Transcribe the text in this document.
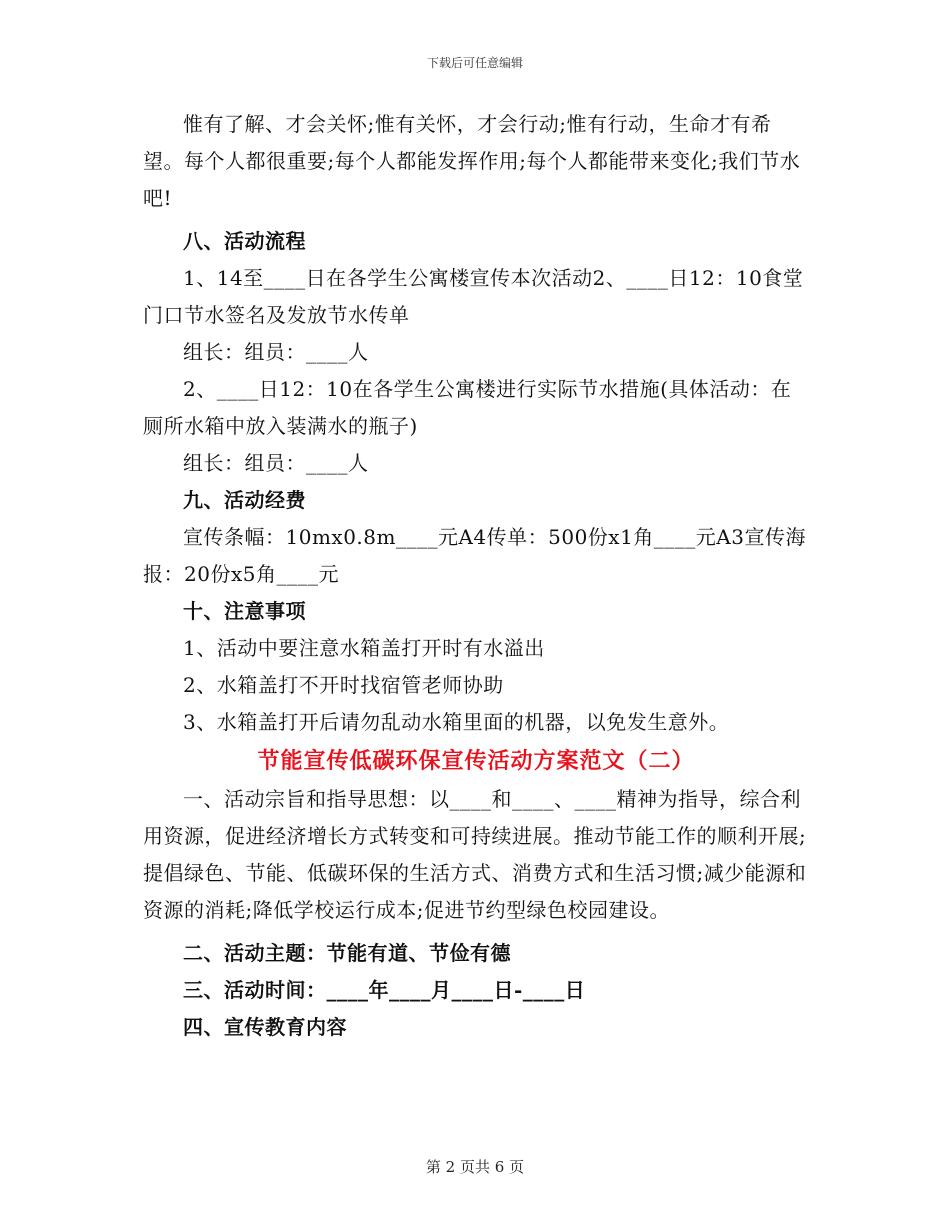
下载后可任意编辑

惟有了解、才会关怀;惟有关怀，才会行动;惟有行动，生命才有希望。每个人都很重要;每个人都能发挥作用;每个人都能带来变化;我们节水吧!

八、活动流程

1、14至____日在各学生公寓楼宣传本次活动2、____日12：10食堂门口节水签名及发放节水传单

组长：组员：____人

2、____日12：10在各学生公寓楼进行实际节水措施(具体活动：在厕所水箱中放入装满水的瓶子)

组长：组员：____人

九、活动经费

宣传条幅：10mx0.8m____元A4传单：500份x1角____元A3宣传海报：20份x5角____元

十、注意事项

1、活动中要注意水箱盖打开时有水溢出

2、水箱盖打不开时找宿管老师协助

3、水箱盖打开后请勿乱动水箱里面的机器，以免发生意外。

节能宣传低碳环保宣传活动方案范文（二）

一、活动宗旨和指导思想：以____和____、____精神为指导，综合利用资源，促进经济增长方式转变和可持续进展。推动节能工作的顺利开展;提倡绿色、节能、低碳环保的生活方式、消费方式和生活习惯;减少能源和资源的消耗;降低学校运行成本;促进节约型绿色校园建设。

二、活动主题：节能有道、节俭有德

三、活动时间：____年____月____日-____日

四、宣传教育内容

第 2 页共 6 页
